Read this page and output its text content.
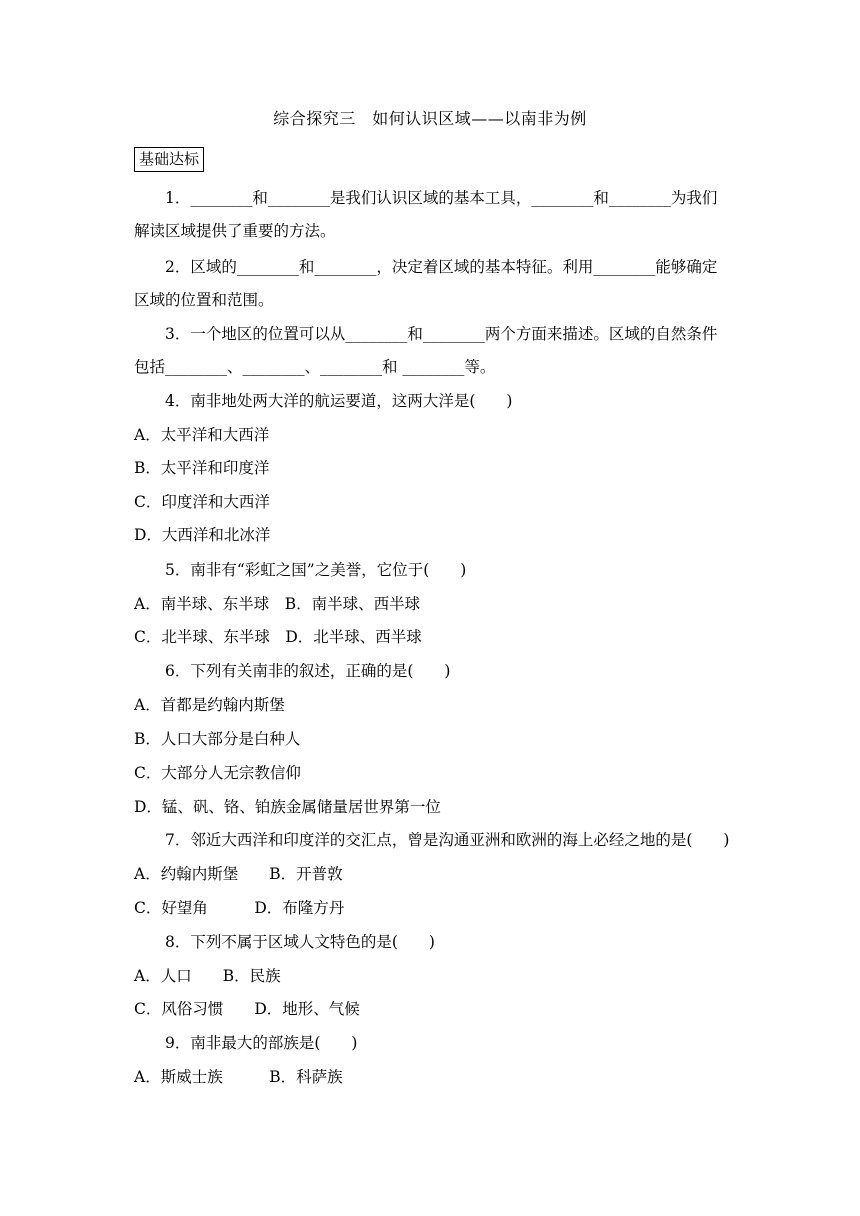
综合探究三　如何认识区域——以南非为例
基础达标
1．________和________是我们认识区域的基本工具，________和________为我们
解读区域提供了重要的方法。
2．区域的________和________，决定着区域的基本特征。利用________能够确定
区域的位置和范围。
3．一个地区的位置可以从________和________两个方面来描述。区域的自然条件
包括________、________、________和 ________等。
4．南非地处两大洋的航运要道，这两大洋是(　　)
A．太平洋和大西洋
B．太平洋和印度洋
C．印度洋和大西洋
D．大西洋和北冰洋
5．南非有“彩虹之国”之美誉，它位于(　　)
A．南半球、东半球　B．南半球、西半球
C．北半球、东半球　D．北半球、西半球
6．下列有关南非的叙述，正确的是(　　)
A．首都是约翰内斯堡
B．人口大部分是白种人
C．大部分人无宗教信仰
D．锰、矾、铬、铂族金属储量居世界第一位
7．邻近大西洋和印度洋的交汇点，曾是沟通亚洲和欧洲的海上必经之地的是(　　)
A．约翰内斯堡　　B．开普敦
C．好望角　　　D．布隆方丹
8．下列不属于区域人文特色的是(　　)
A．人口　　B．民族
C．风俗习惯　　D．地形、气候
9．南非最大的部族是(　　)
A．斯威士族　　　B．科萨族
